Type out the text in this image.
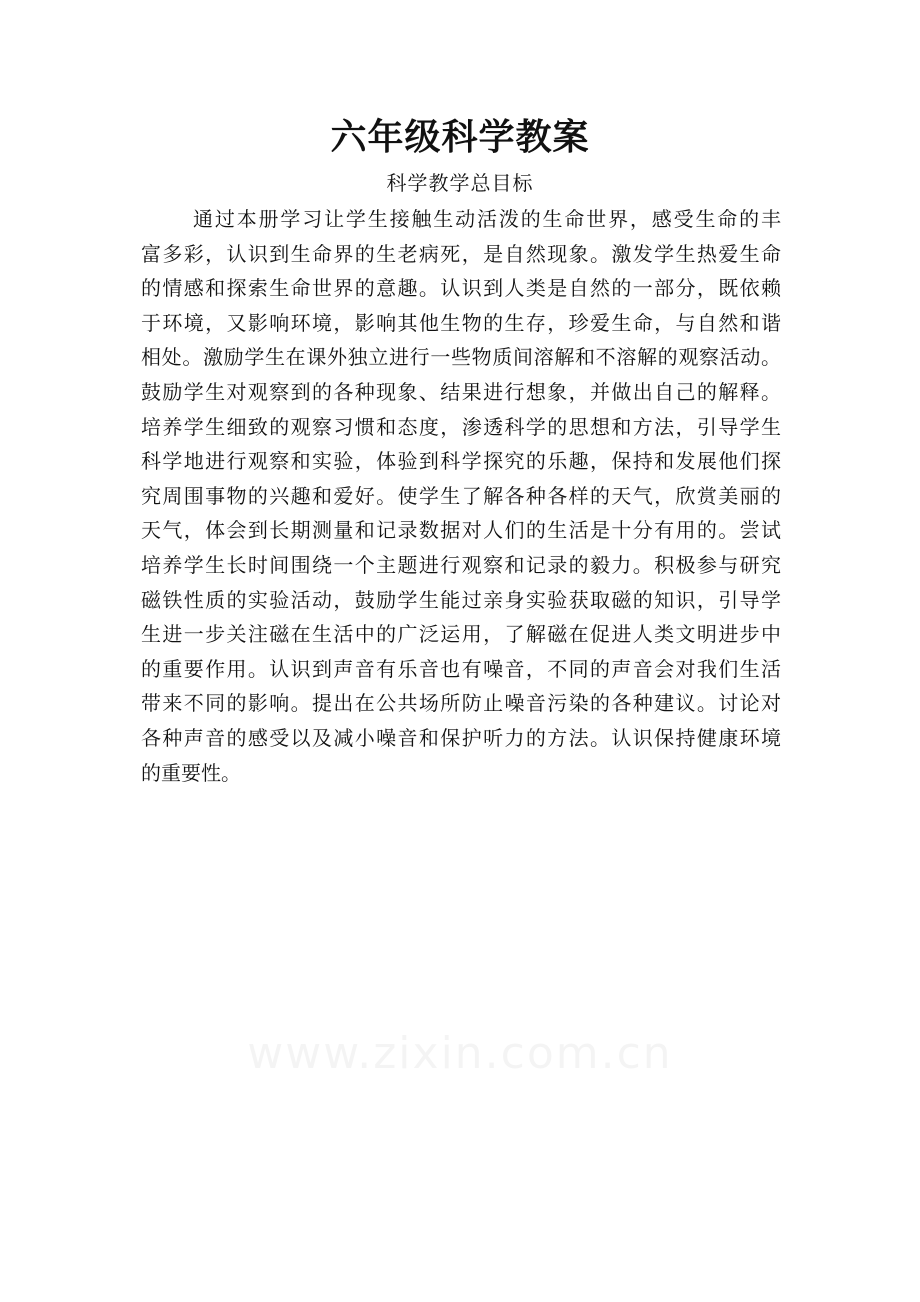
六年级科学教案
科学教学总目标
通过本册学习让学生接触生动活泼的生命世界，感受生命的丰
富多彩，认识到生命界的生老病死，是自然现象。激发学生热爱生命
的情感和探索生命世界的意趣。认识到人类是自然的一部分，既依赖
于环境，又影响环境，影响其他生物的生存，珍爱生命，与自然和谐
相处。激励学生在课外独立进行一些物质间溶解和不溶解的观察活动。
鼓励学生对观察到的各种现象、结果进行想象，并做出自己的解释。
培养学生细致的观察习惯和态度，渗透科学的思想和方法，引导学生
科学地进行观察和实验，体验到科学探究的乐趣，保持和发展他们探
究周围事物的兴趣和爱好。使学生了解各种各样的天气，欣赏美丽的
天气，体会到长期测量和记录数据对人们的生活是十分有用的。尝试
培养学生长时间围绕一个主题进行观察和记录的毅力。积极参与研究
磁铁性质的实验活动，鼓励学生能过亲身实验获取磁的知识，引导学
生进一步关注磁在生活中的广泛运用，了解磁在促进人类文明进步中
的重要作用。认识到声音有乐音也有噪音，不同的声音会对我们生活
带来不同的影响。提出在公共场所防止噪音污染的各种建议。讨论对
各种声音的感受以及减小噪音和保护听力的方法。认识保持健康环境
的重要性。
